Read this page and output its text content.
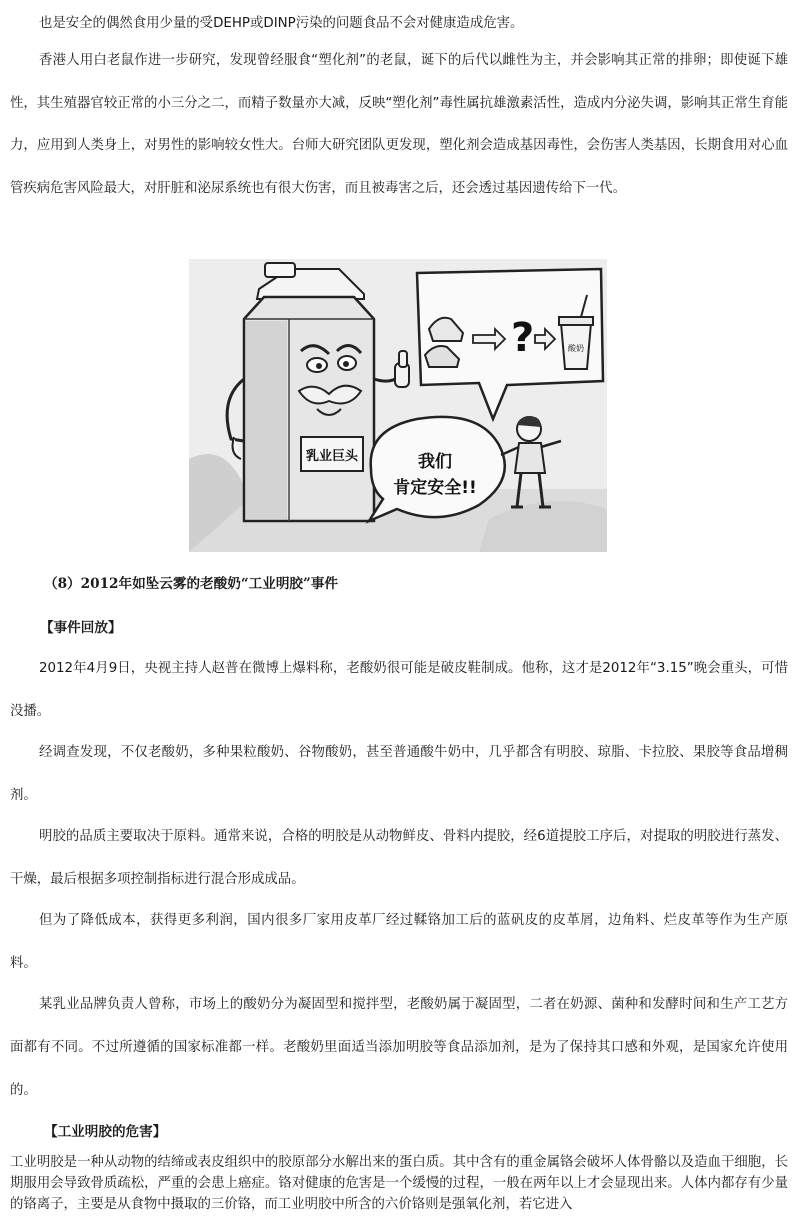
也是安全的偶然食用少量的受DEHP或DINP污染的问题食品不会对健康造成危害。

香港人用白老鼠作进一步研究，发现曾经服食“塑化剂”的老鼠，诞下的后代以雌性为主，并会影响其正常的排卵；即使诞下雄性，其生殖器官较正常的小三分之二，而精子数量亦大减，反映“塑化剂”毒性属抗雄激素活性，造成内分泌失调，影响其正常生育能力，应用到人类身上，对男性的影响较女性大。台师大研究团队更发现，塑化剂会造成基因毒性，会伤害人类基因，长期食用对心血管疾病危害风险最大，对肝脏和泌尿系统也有很大伤害，而且被毒害之后，还会透过基因遗传给下一代。

乳业巨头
?	酸奶
我们
肯定安全!!

（8）2012年如坠云雾的老酸奶“工业明胶”事件

【事件回放】

2012年4月9日，央视主持人赵普在微博上爆料称，老酸奶很可能是破皮鞋制成。他称，这才是2012年“3.15”晚会重头，可惜没播。

经调查发现，不仅老酸奶，多种果粒酸奶、谷物酸奶，甚至普通酸牛奶中，几乎都含有明胶、琼脂、卡拉胶、果胶等食品增稠剂。

明胶的品质主要取决于原料。通常来说，合格的明胶是从动物鲜皮、骨料内提胶，经6道提胶工序后，对提取的明胶进行蒸发、干燥，最后根据多项控制指标进行混合形成成品。

但为了降低成本，获得更多利润，国内很多厂家用皮革厂经过鞣铬加工后的蓝矾皮的皮革屑，边角料、烂皮革等作为生产原料。

某乳业品牌负责人曾称，市场上的酸奶分为凝固型和搅拌型，老酸奶属于凝固型，二者在奶源、菌种和发酵时间和生产工艺方面都有不同。不过所遵循的国家标准都一样。老酸奶里面适当添加明胶等食品添加剂，是为了保持其口感和外观，是国家允许使用的。

【工业明胶的危害】

工业明胶是一种从动物的结缔或表皮组织中的胶原部分水解出来的蛋白质。其中含有的重金属铬会破坏人体骨骼以及造血干细胞，长期服用会导致骨质疏松，严重的会患上癌症。铬对健康的危害是一个缓慢的过程，一般在两年以上才会显现出来。人体内都存有少量的铬离子，主要是从食物中摄取的三价铬，而工业明胶中所含的六价铬则是强氧化剂，若它进入
